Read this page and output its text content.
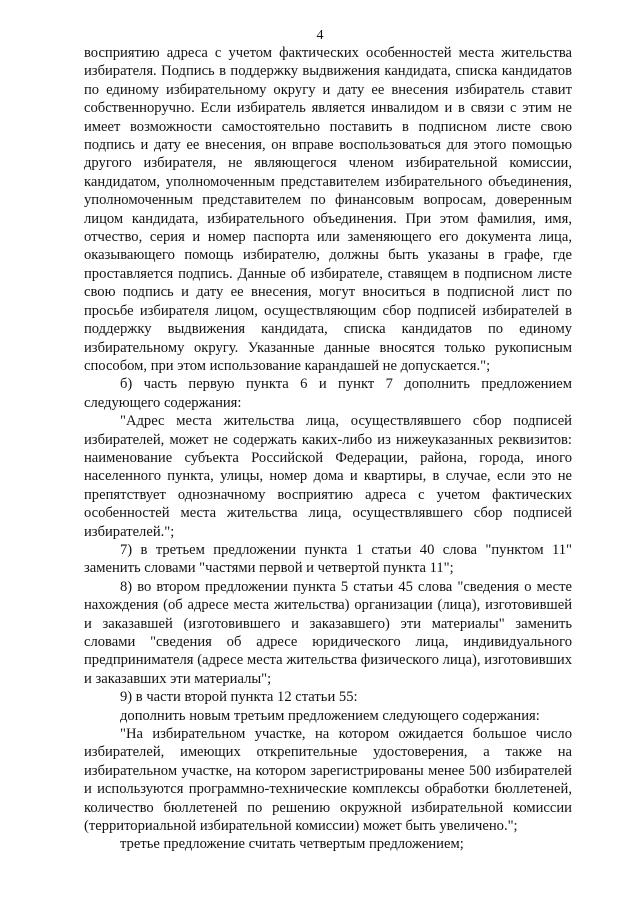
4

восприятию адреса с учетом фактических особенностей места жительства избирателя. Подпись в поддержку выдвижения кандидата, списка кандидатов по единому избирательному округу и дату ее внесения избиратель ставит собственноручно. Если избиратель является инвалидом и в связи с этим не имеет возможности самостоятельно поставить в подписном листе свою подпись и дату ее внесения, он вправе воспользоваться для этого помощью другого избирателя, не являющегося членом избирательной комиссии, кандидатом, уполномоченным представителем избирательного объединения, уполномоченным представителем по финансовым вопросам, доверенным лицом кандидата, избирательного объединения. При этом фамилия, имя, отчество, серия и номер паспорта или заменяющего его документа лица, оказывающего помощь избирателю, должны быть указаны в графе, где проставляется подпись. Данные об избирателе, ставящем в подписном листе свою подпись и дату ее внесения, могут вноситься в подписной лист по просьбе избирателя лицом, осуществляющим сбор подписей избирателей в поддержку выдвижения кандидата, списка кандидатов по единому избирательному округу. Указанные данные вносятся только рукописным способом, при этом использование карандашей не допускается.";

б) часть первую пункта 6 и пункт 7 дополнить предложением следующего содержания:

"Адрес места жительства лица, осуществлявшего сбор подписей избирателей, может не содержать каких-либо из нижеуказанных реквизитов: наименование субъекта Российской Федерации, района, города, иного населенного пункта, улицы, номер дома и квартиры, в случае, если это не препятствует однозначному восприятию адреса с учетом фактических особенностей места жительства лица, осуществлявшего сбор подписей избирателей.";

7) в третьем предложении пункта 1 статьи 40 слова "пунктом 11" заменить словами "частями первой и четвертой пункта 11";

8) во втором предложении пункта 5 статьи 45 слова "сведения о месте нахождения (об адресе места жительства) организации (лица), изготовившей и заказавшей (изготовившего и заказавшего) эти материалы" заменить словами "сведения об адресе юридического лица, индивидуального предпринимателя (адресе места жительства физического лица), изготовивших и заказавших эти материалы";

9) в части второй пункта 12 статьи 55:

дополнить новым третьим предложением следующего содержания:

"На избирательном участке, на котором ожидается большое число избирателей, имеющих открепительные удостоверения, а также на избирательном участке, на котором зарегистрированы менее 500 избирателей и используются программно-технические комплексы обработки бюллетеней, количество бюллетеней по решению окружной избирательной комиссии (территориальной избирательной комиссии) может быть увеличено.";

третье предложение считать четвертым предложением;
